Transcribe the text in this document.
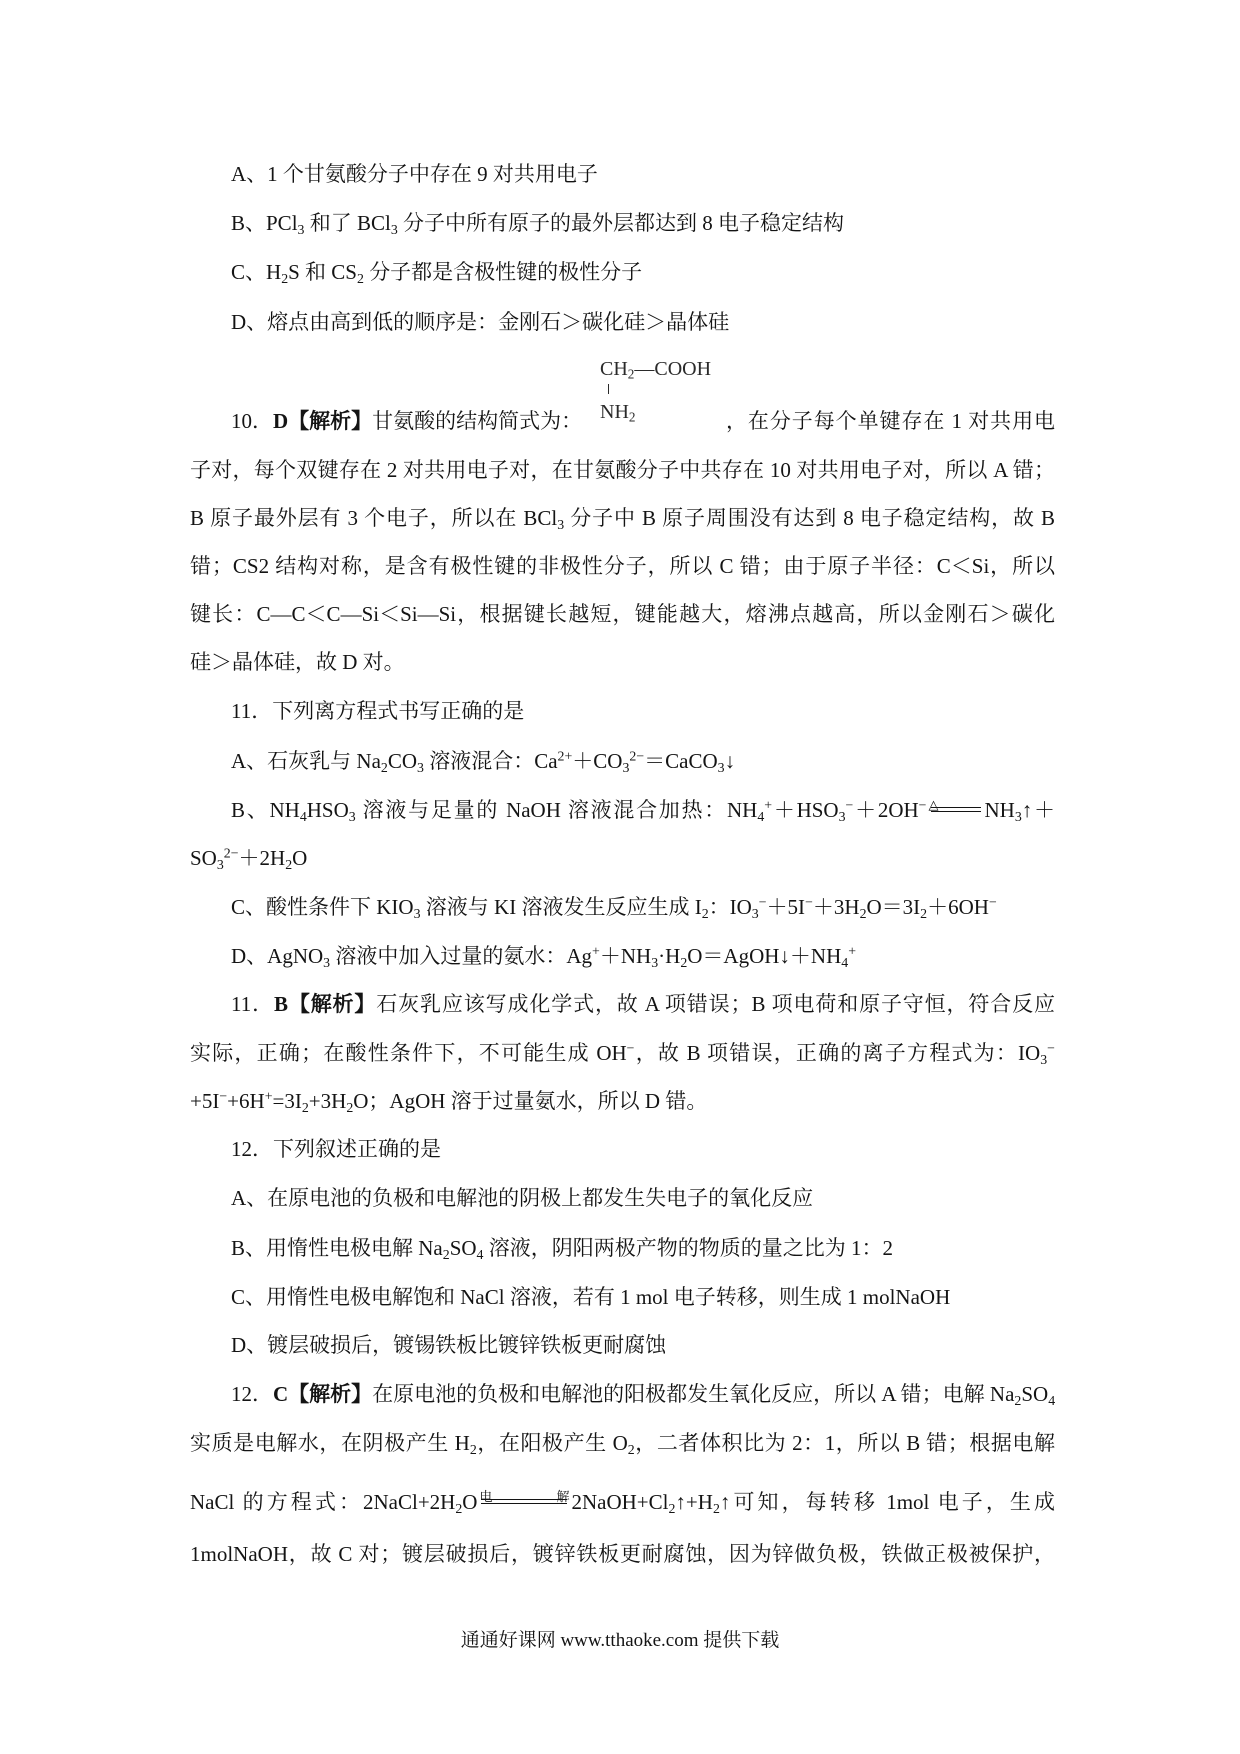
A、1 个甘氨酸分子中存在 9 对共用电子
B、PCl$_3$ 和了 BCl$_3$ 分子中所有原子的最外层都达到 8 电子稳定结构
C、$H_2S$ 和 $CS_2$ 分子都是含极性键的极性分子
D、熔点由高到低的顺序是：金刚石＞碳化硅＞晶体硅
$CH_2—COOH$
$NH_2$
10．D【解析】甘氨酸的结构简式为：	，在分子每个单键存在 1 对共用电
子对，每个双键存在 2 对共用电子对，在甘氨酸分子中共存在 10 对共用电子对，所以 A 错；
B 原子最外层有 3 个电子，所以在 BCl$_3$ 分子中 B 原子周围没有达到 8 电子稳定结构，故 B
错；CS2 结构对称，是含有极性键的非极性分子，所以 C 错；由于原子半径：C＜Si，所以
键长：C—C＜C—Si＜Si—Si，根据键长越短，键能越大，熔沸点越高，所以金刚石＞碳化
硅＞晶体硅，故 D 对。
11．下列离方程式书写正确的是
A、石灰乳与 $Na_2CO_3$ 溶液混合：$Ca^{2+}+CO_3^{2-}=CaCO_3↓$
B、$NH_4HSO_3$ 溶液与足量的 NaOH 溶液混合加热：$NH_4^++HSO_3^-+2OH^-$ △	$NH_3↑+$
$SO_3^{2-}+2H_2O$
C、酸性条件下 $KIO_3$ 溶液与 KI 溶液发生反应生成 $I_2$：$IO_3^-+5I^-+3H_2O=3I_2+6OH^-$
D、AgNO$_3$ 溶液中加入过量的氨水：$Ag^++NH_3\cdot H_2O=AgOH↓+NH_4^+$
11．B【解析】石灰乳应该写成化学式，故 A 项错误；B 项电荷和原子守恒，符合反应
实际，正确；在酸性条件下，不可能生成 OH−，故 B 项错误，正确的离子方程式为：$IO_3^-$
$+5I^-+6H^+=3I_2+3H_2O$；AgOH 溶于过量氨水，所以 D 错。
12．下列叙述正确的是
A、在原电池的负极和电解池的阴极上都发生失电子的氧化反应
B、用惰性电极电解 $Na_2SO_4$ 溶液，阴阳两极产物的物质的量之比为 1：2
C、用惰性电极电解饱和 NaCl 溶液，若有 1 mol 电子转移，则生成 1 molNaOH
D、镀层破损后，镀锡铁板比镀锌铁板更耐腐蚀
12．C【解析】在原电池的负极和电解池的阳极都发生氧化反应，所以 A 错；电解 $Na_2SO_4$
实质是电解水，在阴极产生 $H_2$，在阳极产生 $O_2$，二者体积比为 2：1，所以 B 错；根据电解
NaCl 的方程式：$2NaCl+2H_2O$ 电解 $2NaOH+Cl_2↑+H_2↑$可知，每转移 1mol 电子，生成
1molNaOH，故 C 对；镀层破损后，镀锌铁板更耐腐蚀，因为锌做负极，铁做正极被保护，
通通好课网 www.tthaoke.com 提供下载
